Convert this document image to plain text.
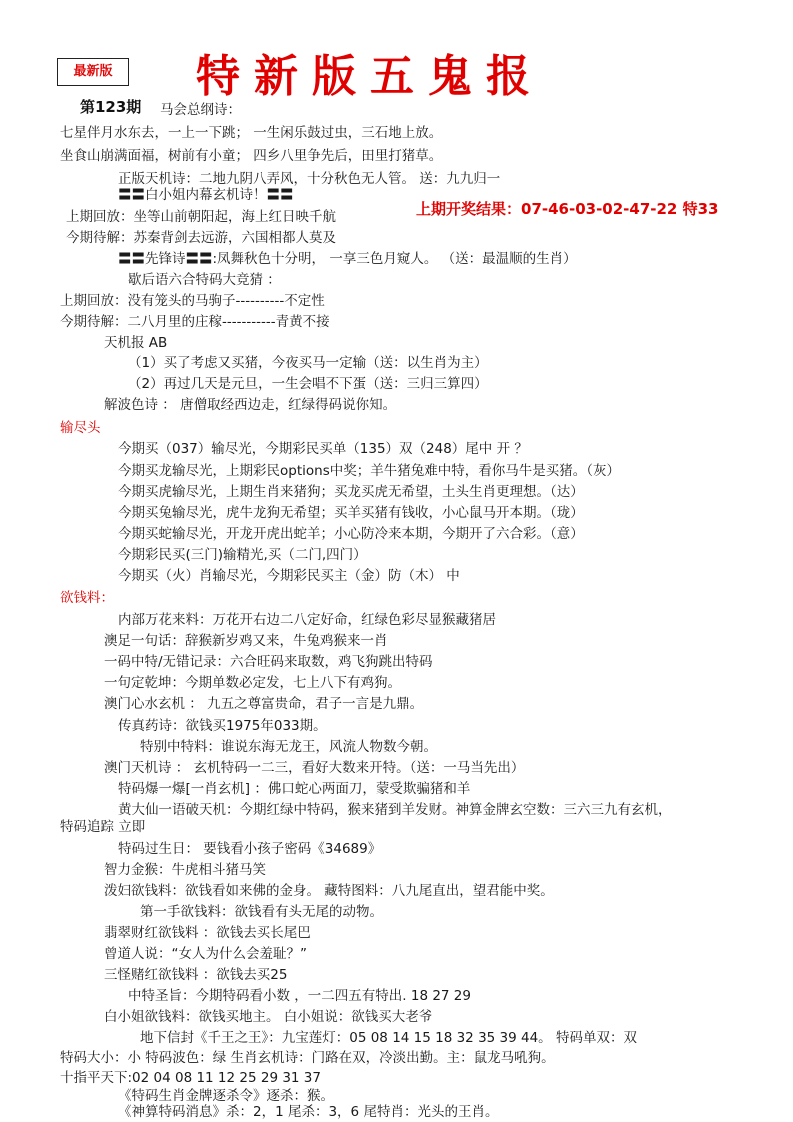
最新版	特新版五鬼报
第123期
上期开奖结果：07-46-03-02-47-22 特33
马会总纲诗：
七星伴月水东去，一上一下跳； 一生闲乐鼓过虫，三石地上放。
坐食山崩满面福，树前有小童； 四乡八里争先后，田里打猪草。
正版天机诗：二地九阴八弄风，十分秋色无人管。 送：九九归一
〓〓白小姐内幕玄机诗！〓〓
上期回放：坐等山前朝阳起，海上红日映千航
今期待解：苏秦背剑去远游，六国相都人莫及
〓〓先锋诗〓〓:凤舞秋色十分明， 一享三色月窥人。 （送：最温顺的生肖）
歇后语六合特码大竞猜 ：
上期回放：没有笼头的马驹子----------不定性
今期待解：二八月里的庄稼-----------青黄不接
天机报 AB
（1）买了考虑又买猪，今夜买马一定输（送：以生肖为主）
（2）再过几天是元旦，一生会唱不下蛋（送：三归三算四）
解波色诗 ： 唐僧取经西边走，红绿得码说你知。
输尽头
今期买（037）输尽光，今期彩民买单（135）双（248）尾中 开 ？
今期买龙输尽光，上期彩民options中奖；羊牛猪兔难中特，看你马牛是买猪。（灰）
今期买虎输尽光，上期生肖来猪狗；买龙买虎无希望，土头生肖更理想。（达）
今期买兔输尽光，虎牛龙狗无希望；买羊买猪有钱收，小心鼠马开本期。（珑）
今期买蛇输尽光，开龙开虎出蛇羊；小心防冷来本期，今期开了六合彩。（意）
今期彩民买(三门)输精光,买（二门,四门）
今期买（火）肖输尽光，今期彩民买主（金）防（木） 中
欲钱料：
内部万花来料：万花开右边二八定好命，红绿色彩尽显猴藏猪居
澳足一句话：辞猴新岁鸡又来，牛兔鸡猴来一肖
一码中特/无错记录：六合旺码来取数，鸡飞狗跳出特码
一句定乾坤：今期单数必定发，七上八下有鸡狗。
澳门心水玄机 ： 九五之尊富贵命，君子一言是九鼎。
传真药诗：欲钱买1975年033期。
特别中特料：谁说东海无龙王，风流人物数今朝。
澳门天机诗 ： 玄机特码一二三，看好大数来开特。（送：一马当先出）
特码爆一爆[一肖玄机] ：佛口蛇心两面刀，蒙受欺骗猪和羊
黄大仙一语破天机：今期红绿中特码，猴来猪到羊发财。神算金牌玄空数：三六三九有玄机，
特码追踪 立即
特码过生日： 要钱看小孩子密码《34689》
智力金猴：牛虎相斗猪马笑
泼妇欲钱料：欲钱看如来佛的金身。 藏特图料：八九尾直出，望君能中奖。
第一手欲钱料：欲钱看有头无尾的动物。
翡翠财红欲钱料 ：欲钱去买长尾巴
曾道人说：“女人为什么会羞耻？”
三怪赌红欲钱料 ：欲钱去买25
中特圣旨：今期特码看小数 ，一二四五有特出. 18 27 29
白小姐欲钱料：欲钱买地主。 白小姐说：欲钱买大老爷
地下信封《千王之王》：九宝莲灯：05 08 14 15 18 32 35 39 44。 特码单双：双
特码大小：小 特码波色：绿 生肖玄机诗：门路在双，冷淡出勤。主：鼠龙马吼狗。
十指平天下:02 04 08 11 12 25 29 31 37
《特码生肖金牌逐杀令》逐杀：猴。
《神算特码消息》杀：2，1 尾杀：3，6 尾特肖：光头的王肖。
